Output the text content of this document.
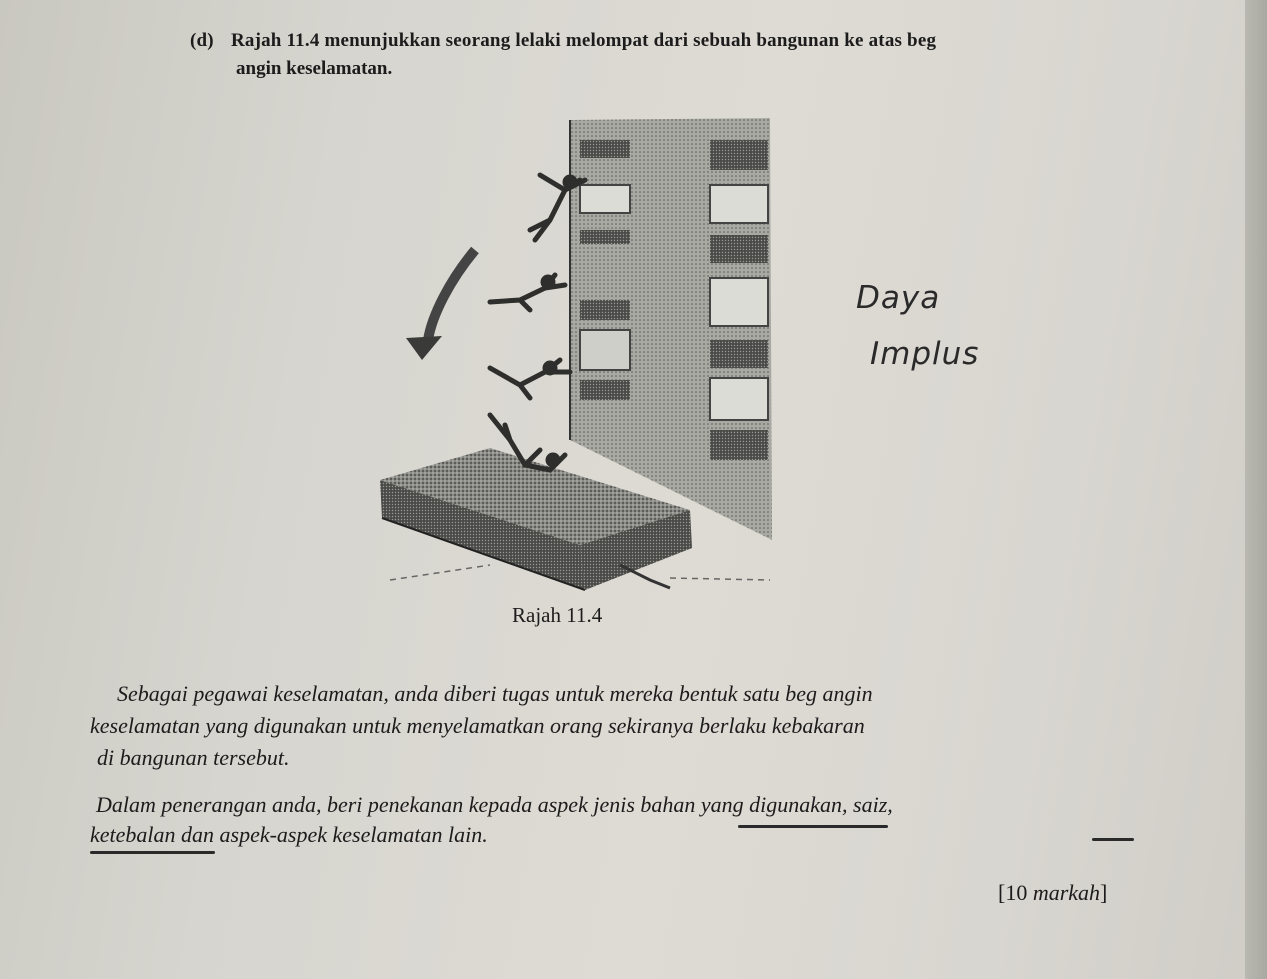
(d) Rajah 11.4 menunjukkan seorang lelaki melompat dari sebuah bangunan ke atas beg
angin keselamatan.
Rajah 11.4
Daya
Implus
Sebagai pegawai keselamatan, anda diberi tugas untuk mereka bentuk satu beg angin
keselamatan yang digunakan untuk menyelamatkan orang sekiranya berlaku kebakaran
di bangunan tersebut.
Dalam penerangan anda, beri penekanan kepada aspek jenis bahan yang digunakan, saiz,
ketebalan dan aspek-aspek keselamatan lain.
[10 markah]
